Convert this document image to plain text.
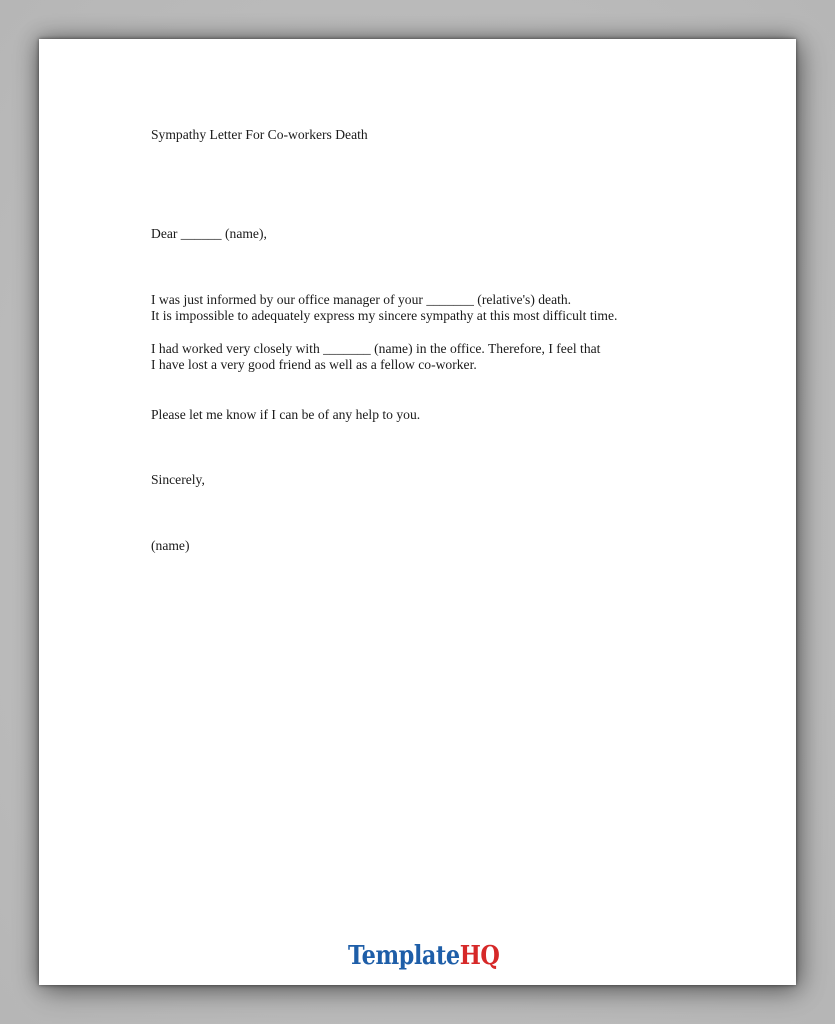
Sympathy Letter For Co-workers Death
Dear ______ (name),
I was just informed by our office manager of your _______ (relative's) death.
It is impossible to adequately express my sincere sympathy at this most difficult time.
I had worked very closely with _______ (name) in the office. Therefore, I feel that
I have lost a very good friend as well as a fellow co-worker.
Please let me know if I can be of any help to you.
Sincerely,
(name)
TemplateHQ
